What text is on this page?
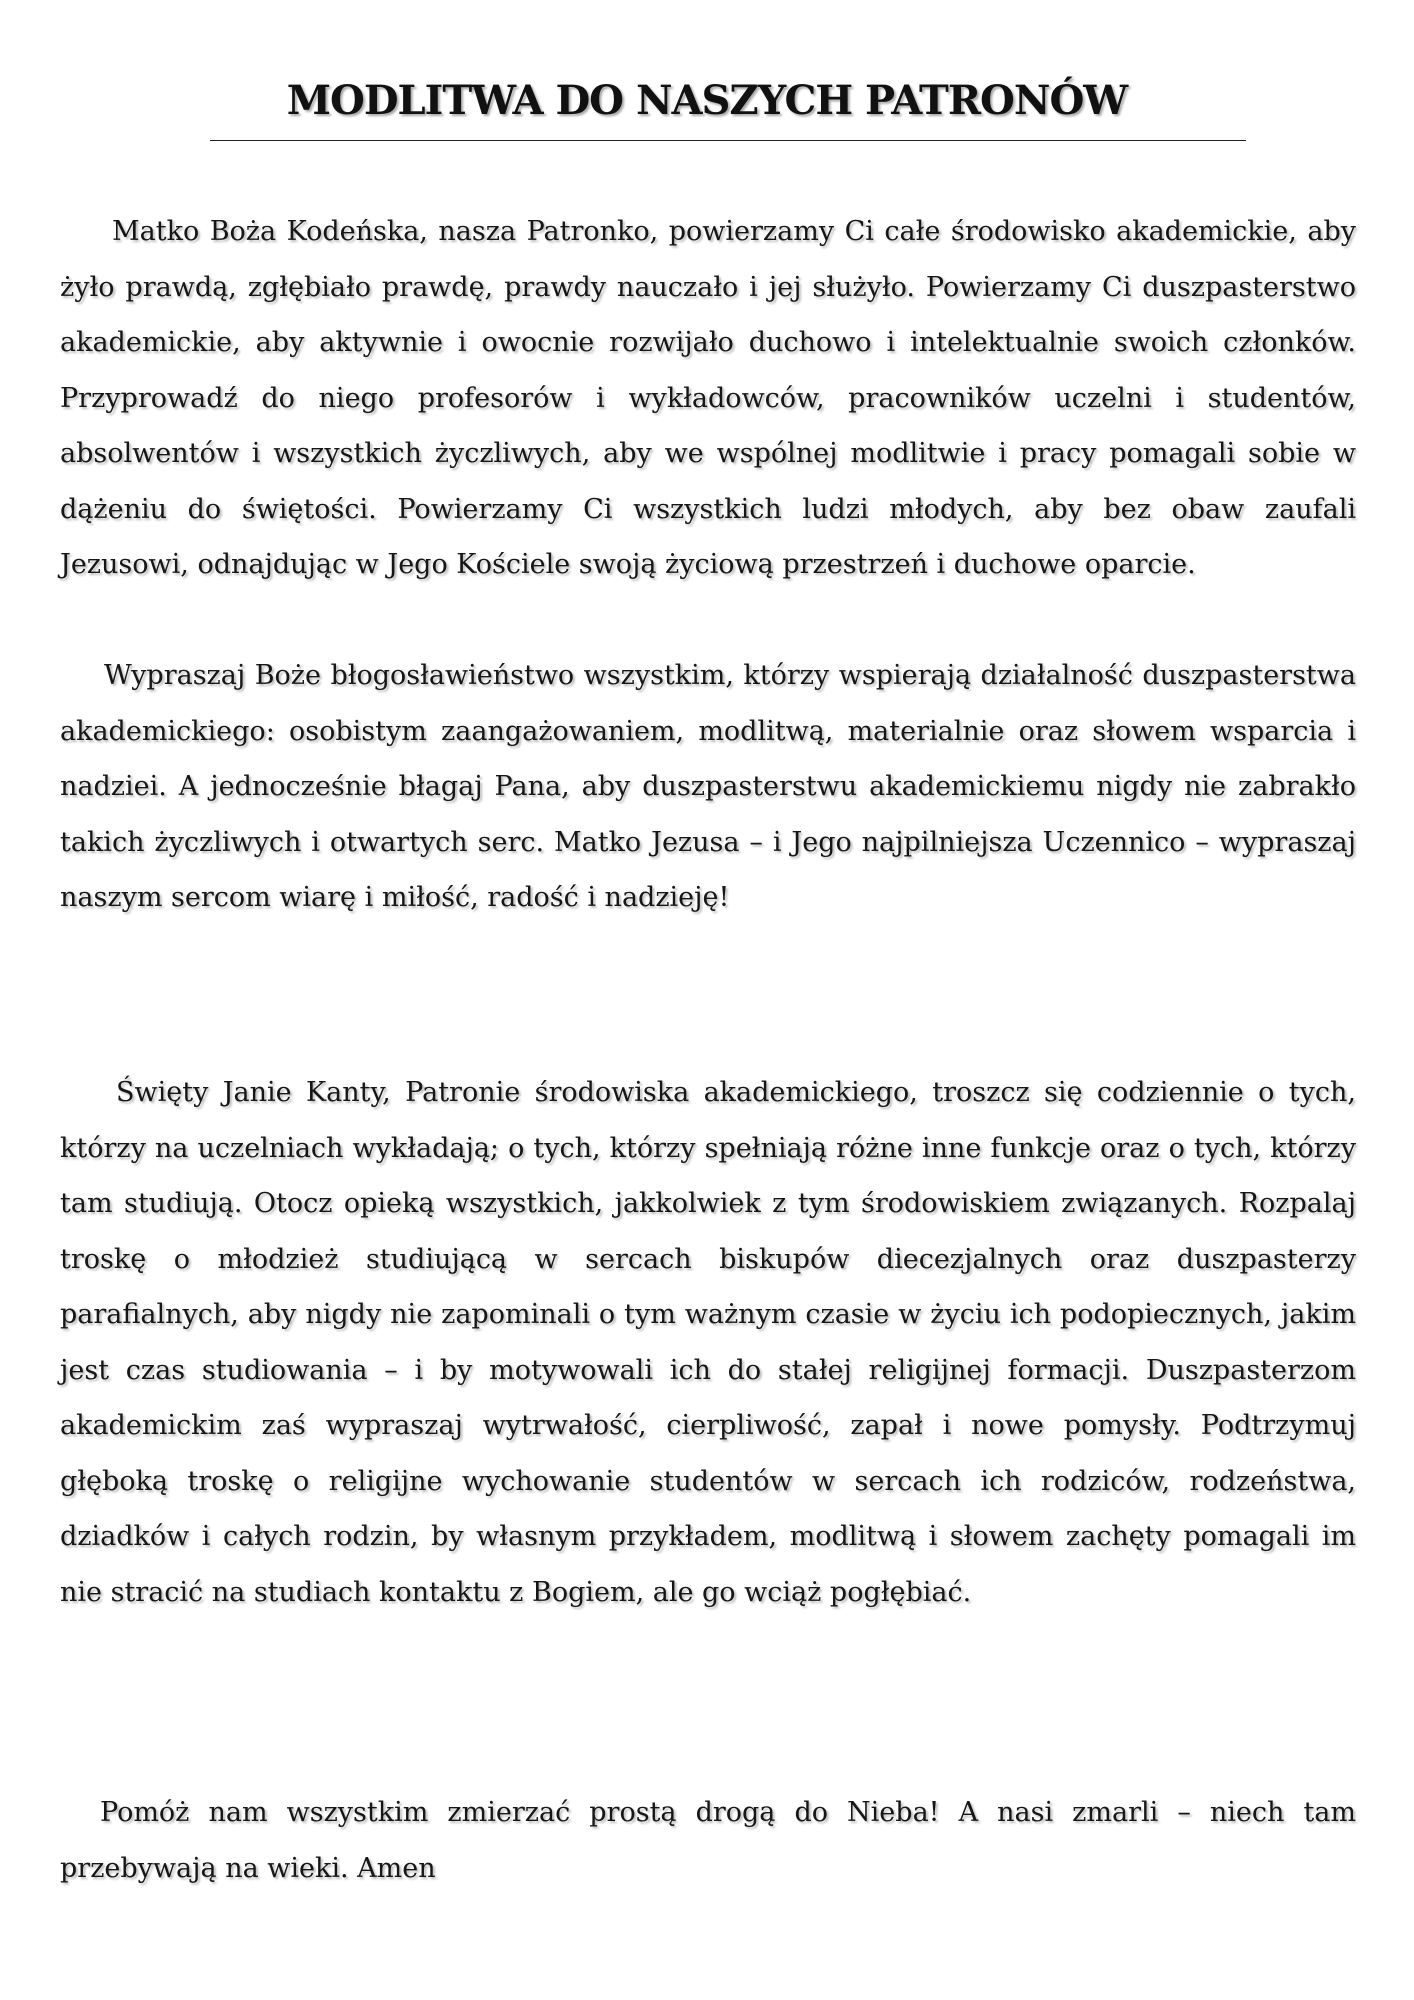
MODLITWA DO NASZYCH PATRONÓW

Matko Boża Kodeńska, nasza Patronko, powierzamy Ci całe środowisko akademickie, aby żyło prawdą, zgłębiało prawdę, prawdy nauczało i jej służyło. Powierzamy Ci duszpasterstwo akademickie, aby aktywnie i owocnie rozwijało duchowo i intelektualnie swoich członków. Przyprowadź do niego profesorów i wykładowców, pracowników uczelni i studentów, absolwentów i wszystkich życzliwych, aby we wspólnej modlitwie i pracy pomagali sobie w dążeniu do świętości. Powierzamy Ci wszystkich ludzi młodych, aby bez obaw zaufali Jezusowi, odnajdując w Jego Kościele swoją życiową przestrzeń i duchowe oparcie.

Wypraszaj Boże błogosławieństwo wszystkim, którzy wspierają działalność duszpasterstwa akademickiego: osobistym zaangażowaniem, modlitwą, materialnie oraz słowem wsparcia i nadziei. A jednocześnie błagaj Pana, aby duszpasterstwu akademickiemu nigdy nie zabrakło takich życzliwych i otwartych serc. Matko Jezusa – i Jego najpilniejsza Uczennico – wypraszaj naszym sercom wiarę i miłość, radość i nadzieję!

Święty Janie Kanty, Patronie środowiska akademickiego, troszcz się codziennie o tych, którzy na uczelniach wykładają; o tych, którzy spełniają różne inne funkcje oraz o tych, którzy tam studiują. Otocz opieką wszystkich, jakkolwiek z tym środowiskiem związanych. Rozpalaj troskę o młodzież studiującą w sercach biskupów diecezjalnych oraz duszpasterzy parafialnych, aby nigdy nie zapominali o tym ważnym czasie w życiu ich podopiecznych, jakim jest czas studiowania – i by motywowali ich do stałej religijnej formacji. Duszpasterzom akademickim zaś wypraszaj wytrwałość, cierpliwość, zapał i nowe pomysły. Podtrzymuj głęboką troskę o religijne wychowanie studentów w sercach ich rodziców, rodzeństwa, dziadków i całych rodzin, by własnym przykładem, modlitwą i słowem zachęty pomagali im nie stracić na studiach kontaktu z Bogiem, ale go wciąż pogłębiać.

Pomóż nam wszystkim zmierzać prostą drogą do Nieba! A nasi zmarli – niech tam przebywają na wieki. Amen
